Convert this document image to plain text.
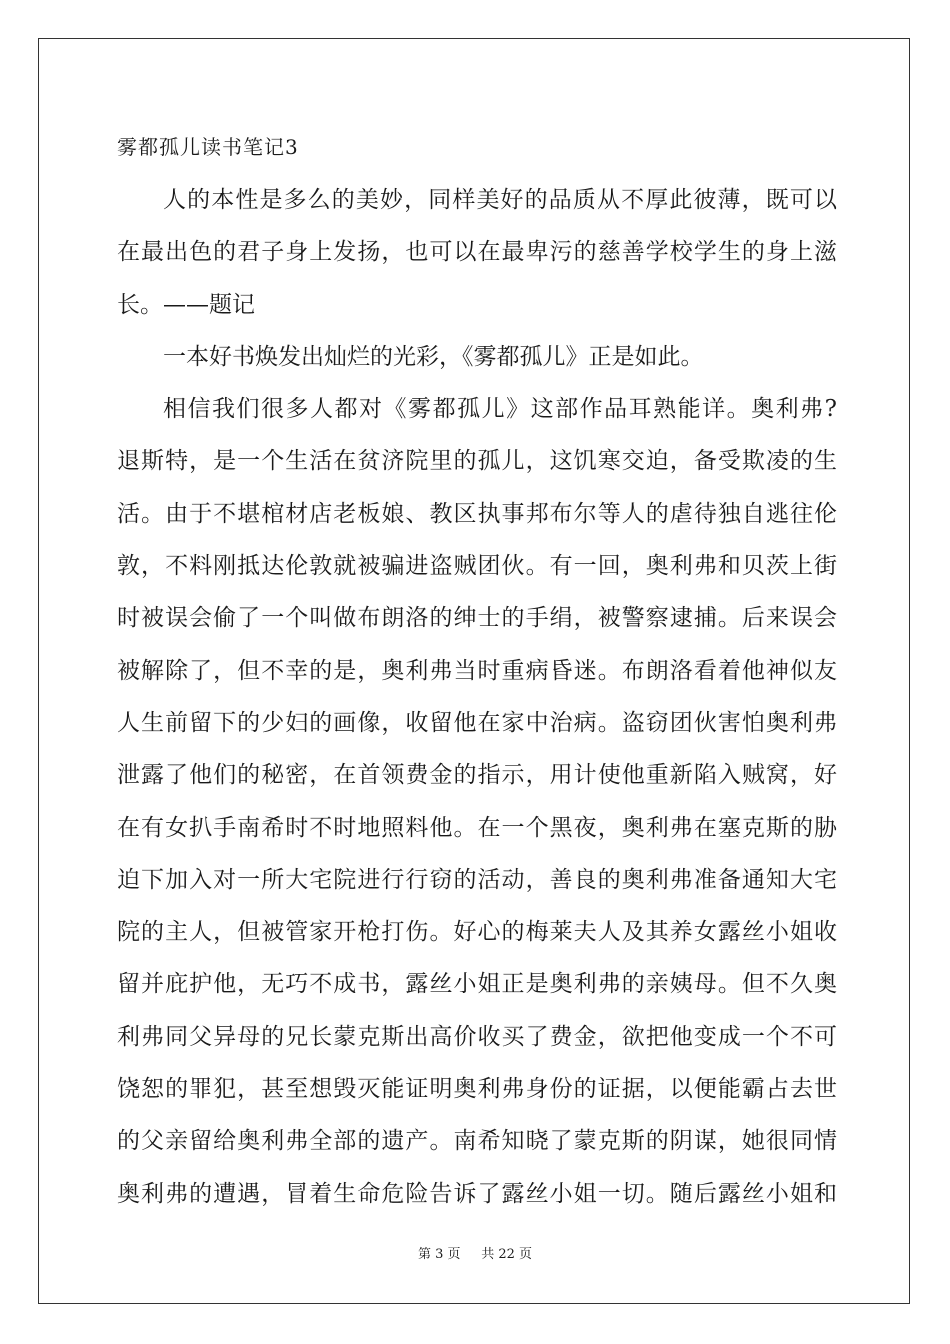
雾都孤儿读书笔记3
人的本性是多么的美妙，同样美好的品质从不厚此彼薄，既可以
在最出色的君子身上发扬，也可以在最卑污的慈善学校学生的身上滋
长。——题记
一本好书焕发出灿烂的光彩，《雾都孤儿》正是如此。
相信我们很多人都对《雾都孤儿》这部作品耳熟能详。奥利弗?
退斯特，是一个生活在贫济院里的孤儿，这饥寒交迫，备受欺凌的生
活。由于不堪棺材店老板娘、教区执事邦布尔等人的虐待独自逃往伦
敦，不料刚抵达伦敦就被骗进盗贼团伙。有一回，奥利弗和贝茨上街
时被误会偷了一个叫做布朗洛的绅士的手绢，被警察逮捕。后来误会
被解除了，但不幸的是，奥利弗当时重病昏迷。布朗洛看着他神似友
人生前留下的少妇的画像，收留他在家中治病。盗窃团伙害怕奥利弗
泄露了他们的秘密，在首领费金的指示，用计使他重新陷入贼窝，好
在有女扒手南希时不时地照料他。在一个黑夜，奥利弗在塞克斯的胁
迫下加入对一所大宅院进行行窃的活动，善良的奥利弗准备通知大宅
院的主人，但被管家开枪打伤。好心的梅莱夫人及其养女露丝小姐收
留并庇护他，无巧不成书，露丝小姐正是奥利弗的亲姨母。但不久奥
利弗同父异母的兄长蒙克斯出高价收买了费金，欲把他变成一个不可
饶恕的罪犯，甚至想毁灭能证明奥利弗身份的证据，以便能霸占去世
的父亲留给奥利弗全部的遗产。南希知晓了蒙克斯的阴谋，她很同情
奥利弗的遭遇，冒着生命危险告诉了露丝小姐一切。随后露丝小姐和
第 3 页 共 22 页
